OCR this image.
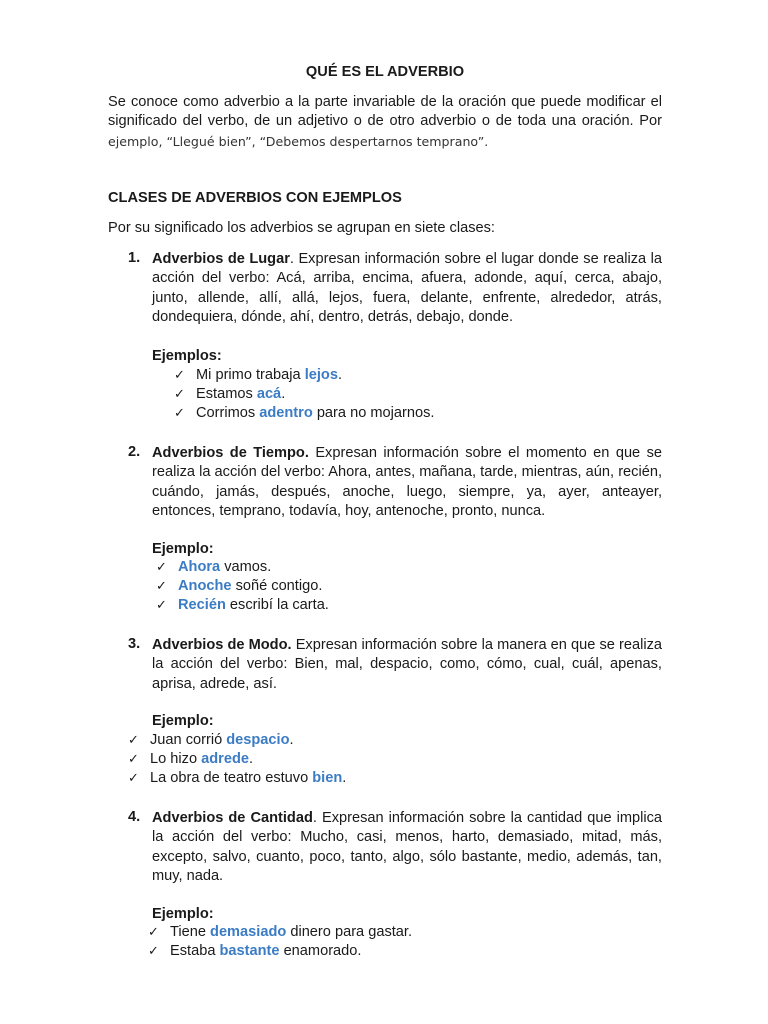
QUÉ ES EL ADVERBIO
Se conoce como adverbio a la parte invariable de la oración que puede modificar el significado del verbo, de un adjetivo o de otro adverbio o de toda una oración. Por ejemplo, “Llegué bien”, “Debemos despertarnos temprano”.
CLASES DE ADVERBIOS CON EJEMPLOS
Por su significado los adverbios se agrupan en siete clases:
1. Adverbios de Lugar. Expresan información sobre el lugar donde se realiza la acción del verbo: Acá, arriba, encima, afuera, adonde, aquí, cerca, abajo, junto, allende, allí, allá, lejos, fuera, delante, enfrente, alrededor, atrás, dondequiera, dónde, ahí, dentro, detrás, debajo, donde.
Ejemplos:
✓ Mi primo trabaja lejos.
✓ Estamos acá.
✓ Corrimos adentro para no mojarnos.
2. Adverbios de Tiempo. Expresan información sobre el momento en que se realiza la acción del verbo: Ahora, antes, mañana, tarde, mientras, aún, recién, cuándo, jamás, después, anoche, luego, siempre, ya, ayer, anteayer, entonces, temprano, todavía, hoy, antenoche, pronto, nunca.
Ejemplo:
✓ Ahora vamos.
✓ Anoche soñé contigo.
✓ Recién escribí la carta.
3. Adverbios de Modo. Expresan información sobre la manera en que se realiza la acción del verbo: Bien, mal, despacio, como, cómo, cual, cuál, apenas, aprisa, adrede, así.
Ejemplo:
✓ Juan corrió despacio.
✓ Lo hizo adrede.
✓ La obra de teatro estuvo bien.
4. Adverbios de Cantidad. Expresan información sobre la cantidad que implica la acción del verbo: Mucho, casi, menos, harto, demasiado, mitad, más, excepto, salvo, cuanto, poco, tanto, algo, sólo bastante, medio, además, tan, muy, nada.
Ejemplo:
✓ Tiene demasiado dinero para gastar.
✓ Estaba bastante enamorado.
